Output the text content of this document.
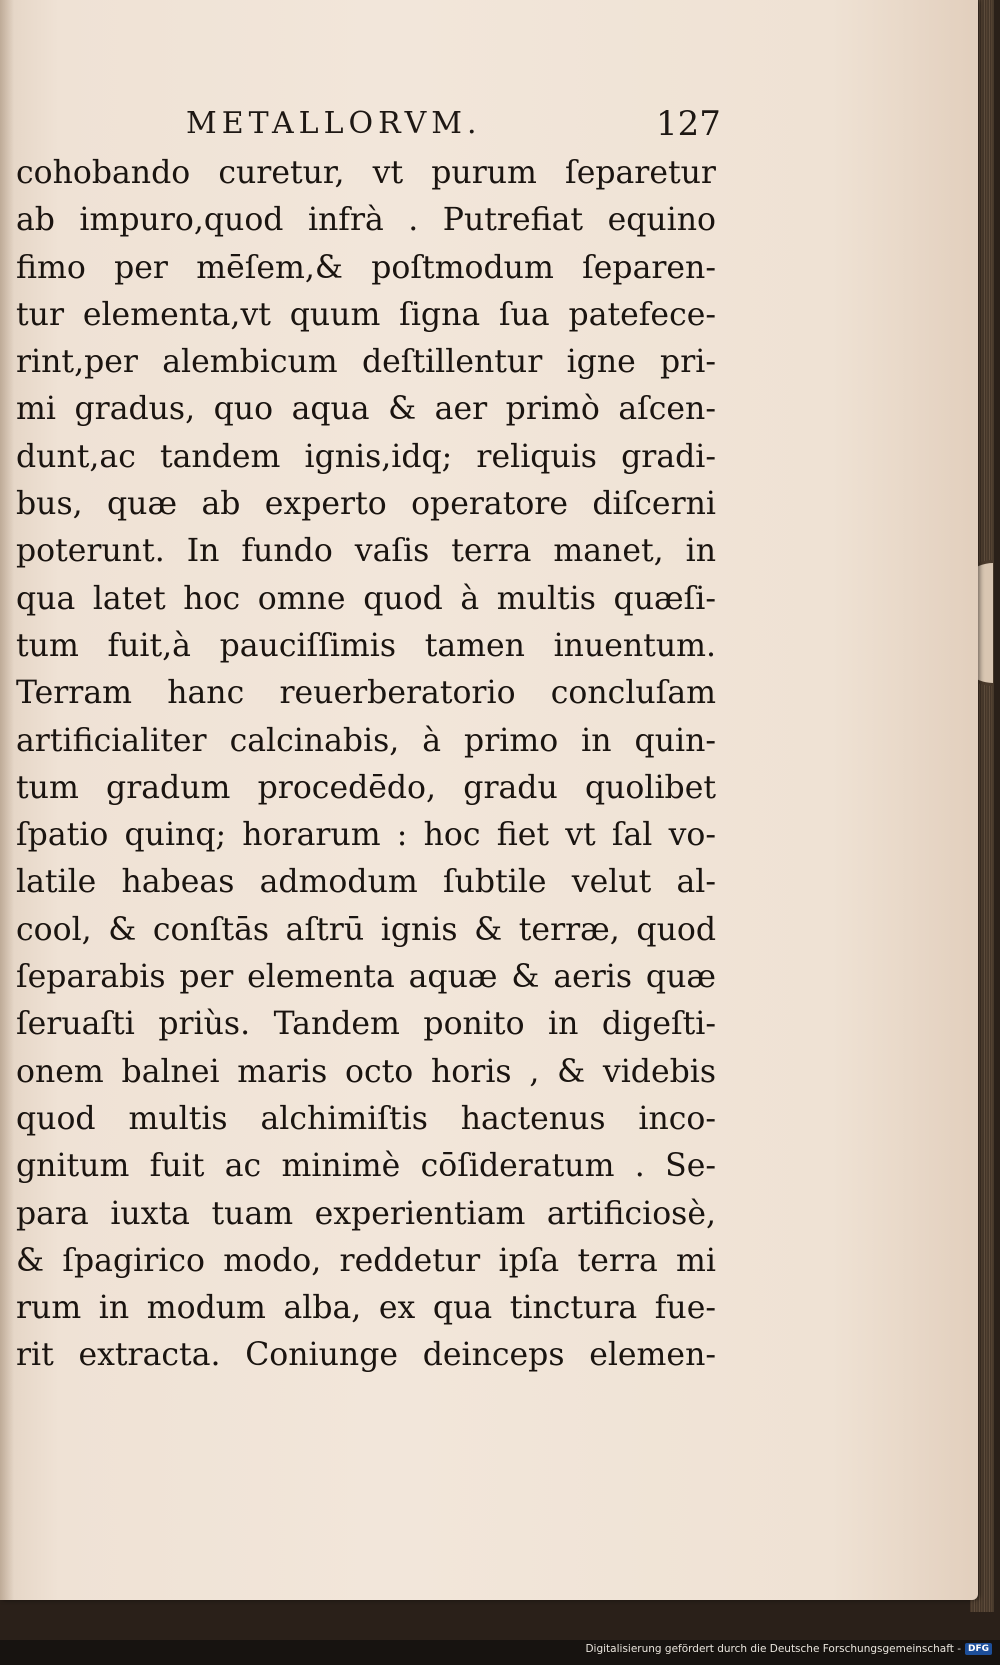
METALLORVM.	127
cohobando curetur, vt purum ſeparetur
ab impuro,quod infrà . Putrefiat equino
fimo per mēſem,& poſtmodum ſeparen-
tur elementa,vt quum ſigna ſua patefece-
rint,per alembicum deſtillentur igne pri-
mi gradus, quo aqua & aer primò aſcen-
dunt,ac tandem ignis,idq; reliquis gradi-
bus, quæ ab experto operatore diſcerni
poterunt. In fundo vaſis terra manet, in
qua latet hoc omne quod à multis quæſi-
tum fuit,à pauciſſimis tamen inuentum.
Terram hanc reuerberatorio concluſam
artificialiter calcinabis, à primo in quin-
tum gradum procedēdo, gradu quolibet
ſpatio quinq; horarum : hoc fiet vt ſal vo-
latile habeas admodum ſubtile velut al-
cool, & conſtās aſtrū ignis & terræ, quod
ſeparabis per elementa aquæ & aeris quæ
ſeruaſti priùs. Tandem ponito in digeſti-
onem balnei maris octo horis , & videbis
quod multis alchimiſtis hactenus inco-
gnitum fuit ac minimè cōſideratum . Se-
para iuxta tuam experientiam artificiosè,
& ſpagirico modo, reddetur ipſa terra mi
rum in modum alba, ex qua tinctura fue-
rit extracta. Coniunge deinceps elemen-
Digitalisierung gefördert durch die Deutsche Forschungsgemeinschaft - DFG
